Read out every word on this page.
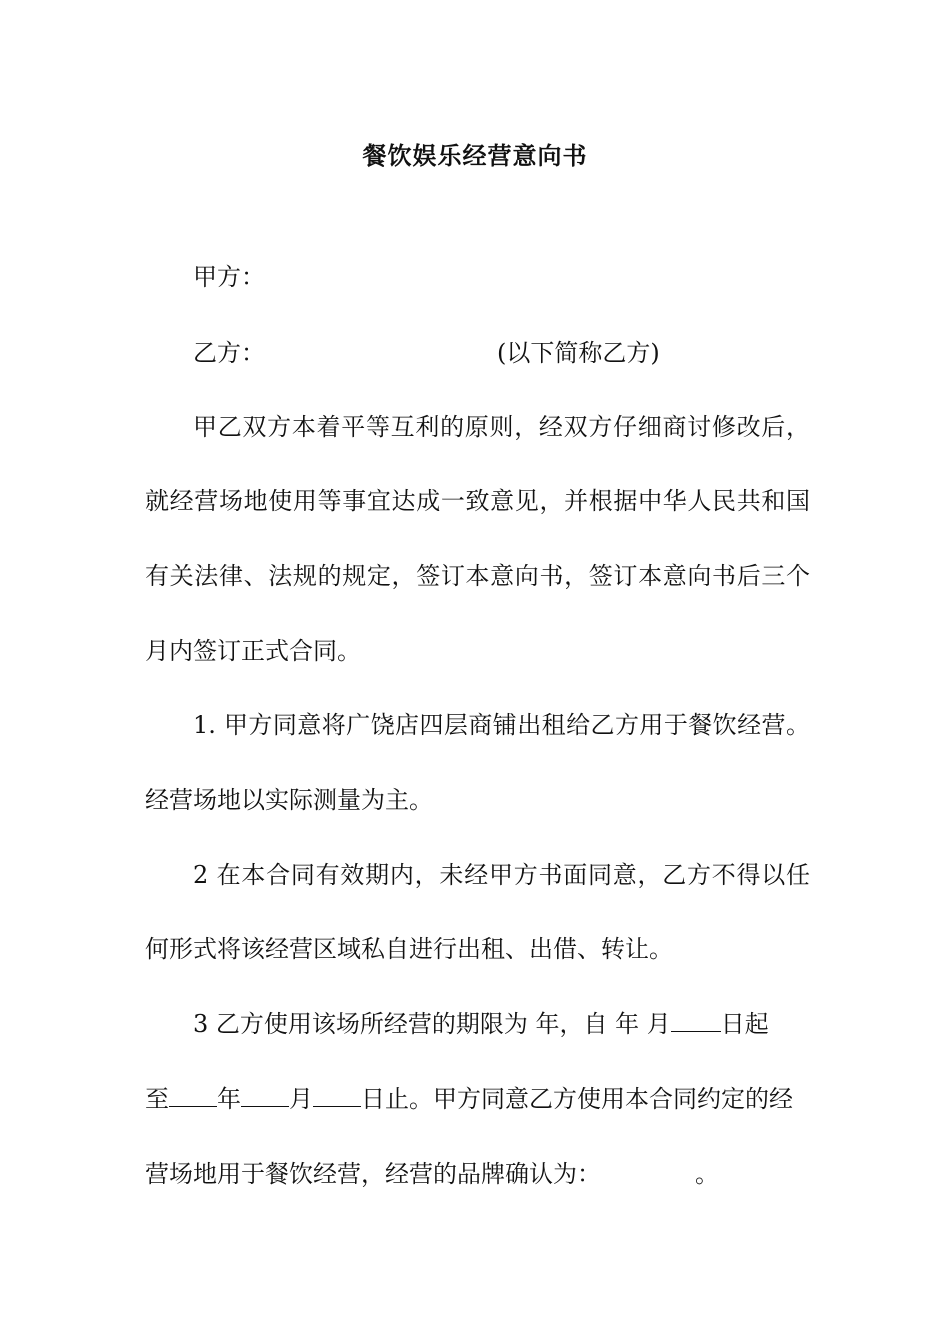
餐饮娱乐经营意向书
甲方：
乙方：	(以下简称乙方)
甲乙双方本着平等互利的原则，经双方仔细商讨修改后，
就经营场地使用等事宜达成一致意见，并根据中华人民共和国
有关法律、法规的规定，签订本意向书，签订本意向书后三个
月内签订正式合同。
1. 甲方同意将广饶店四层商铺出租给乙方用于餐饮经营。
经营场地以实际测量为主。
2 在本合同有效期内，未经甲方书面同意，乙方不得以任
何形式将该经营区域私自进行出租、出借、转让。
3 乙方使用该场所经营的期限为 年，自 年 月 日起
至 年 月 日止。甲方同意乙方使用本合同约定的经
营场地用于餐饮经营，经营的品牌确认为：	。
